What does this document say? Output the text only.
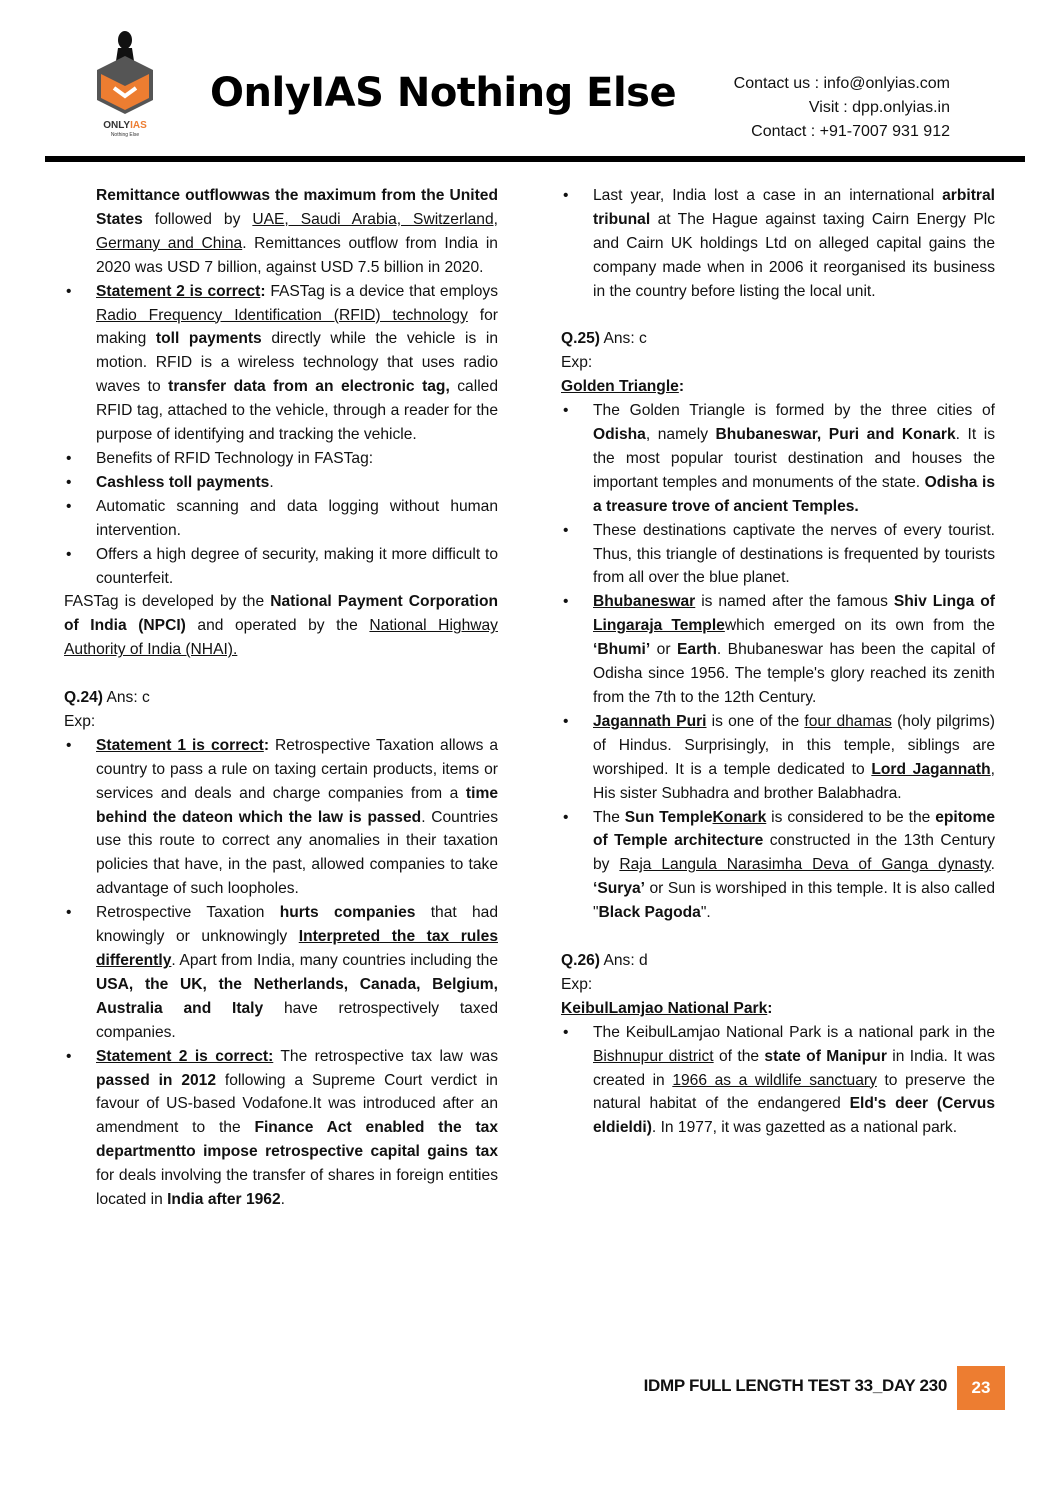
ONLYIAS
Nothing Else
OnlyIAS Nothing Else	Contact us : info@onlyias.com
Visit : dpp.onlyias.in
Contact : +91-7007 931 912
Remittance outflowwas the maximum from the United States followed by UAE, Saudi Arabia, Switzerland, Germany and China. Remittances outflow from India in 2020 was USD 7 billion, against USD 7.5 billion in 2020.
• Statement 2 is correct: FASTag is a device that employs Radio Frequency Identification (RFID) technology for making toll payments directly while the vehicle is in motion. RFID is a wireless technology that uses radio waves to transfer data from an electronic tag, called RFID tag, attached to the vehicle, through a reader for the purpose of identifying and tracking the vehicle.
• Benefits of RFID Technology in FASTag:
• Cashless toll payments.
• Automatic scanning and data logging without human intervention.
• Offers a high degree of security, making it more difficult to counterfeit.
FASTag is developed by the National Payment Corporation of India (NPCI) and operated by the National Highway Authority of India (NHAI).
Q.24) Ans: c
Exp:
• Statement 1 is correct: Retrospective Taxation allows a country to pass a rule on taxing certain products, items or services and deals and charge companies from a time behind the dateon which the law is passed. Countries use this route to correct any anomalies in their taxation policies that have, in the past, allowed companies to take advantage of such loopholes.
• Retrospective Taxation hurts companies that had knowingly or unknowingly Interpreted the tax rules differently. Apart from India, many countries including the USA, the UK, the Netherlands, Canada, Belgium, Australia and Italy have retrospectively taxed companies.
• Statement 2 is correct: The retrospective tax law was passed in 2012 following a Supreme Court verdict in favour of US-based Vodafone.It was introduced after an amendment to the Finance Act enabled the tax departmentto impose retrospective capital gains tax for deals involving the transfer of shares in foreign entities located in India after 1962.
• Last year, India lost a case in an international arbitral tribunal at The Hague against taxing Cairn Energy Plc and Cairn UK holdings Ltd on alleged capital gains the company made when in 2006 it reorganised its business in the country before listing the local unit.
Q.25) Ans: c
Exp:
Golden Triangle:
• The Golden Triangle is formed by the three cities of Odisha, namely Bhubaneswar, Puri and Konark. It is the most popular tourist destination and houses the important temples and monuments of the state. Odisha is a treasure trove of ancient Temples.
• These destinations captivate the nerves of every tourist. Thus, this triangle of destinations is frequented by tourists from all over the blue planet.
• Bhubaneswar is named after the famous Shiv Linga of Lingaraja Templewhich emerged on its own from the ‘Bhumi’ or Earth. Bhubaneswar has been the capital of Odisha since 1956. The temple's glory reached its zenith from the 7th to the 12th Century.
• Jagannath Puri is one of the four dhamas (holy pilgrims) of Hindus. Surprisingly, in this temple, siblings are worshiped. It is a temple dedicated to Lord Jagannath, His sister Subhadra and brother Balabhadra.
• The Sun TempleKonark is considered to be the epitome of Temple architecture constructed in the 13th Century by Raja Langula Narasimha Deva of Ganga dynasty. ‘Surya’ or Sun is worshiped in this temple. It is also called "Black Pagoda".
Q.26) Ans: d
Exp:
KeibulLamjao National Park:
• The KeibulLamjao National Park is a national park in the Bishnupur district of the state of Manipur in India. It was created in 1966 as a wildlife sanctuary to preserve the natural habitat of the endangered Eld's deer (Cervus eldieldi). In 1977, it was gazetted as a national park.
IDMP FULL LENGTH TEST 33_DAY 230	23
